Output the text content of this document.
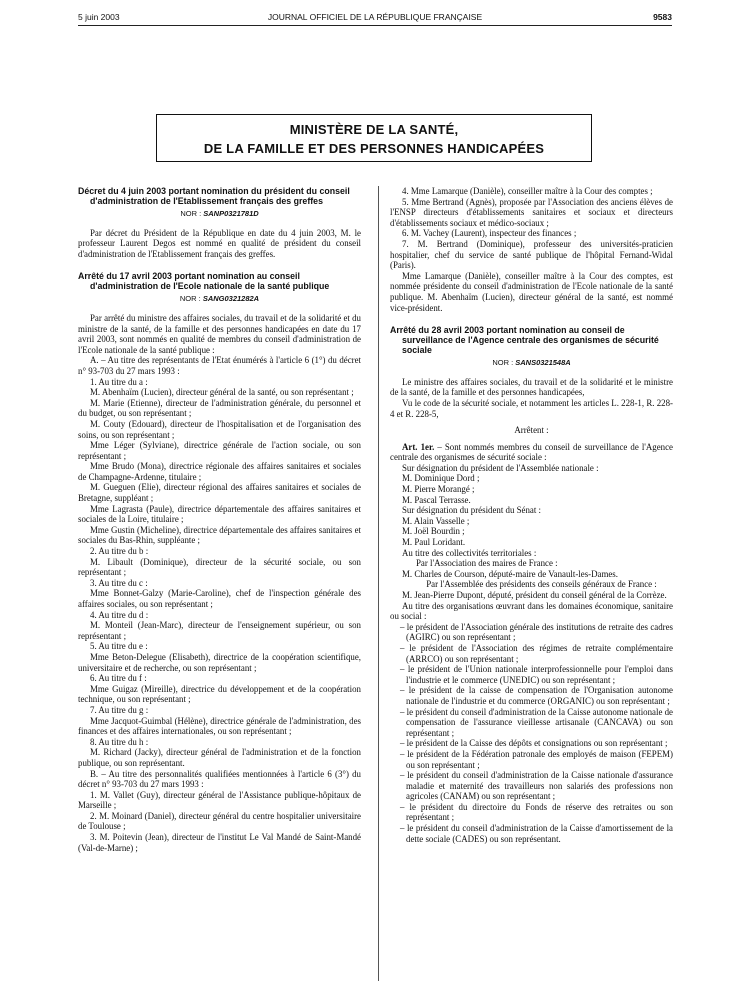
5 juin 2003	JOURNAL OFFICIEL DE LA RÉPUBLIQUE FRANÇAISE	9583
MINISTÈRE DE LA SANTÉ,
DE LA FAMILLE ET DES PERSONNES HANDICAPÉES

Décret du 4 juin 2003 portant nomination du président du conseil d'administration de l'Etablissement français des greffes

NOR : SANP0321781D

Par décret du Président de la République en date du 4 juin 2003, M. le professeur Laurent Degos est nommé en qualité de président du conseil d'administration de l'Etablissement français des greffes.

Arrêté du 17 avril 2003 portant nomination au conseil d'administration de l'Ecole nationale de la santé publique

NOR : SANG0321282A

Par arrêté du ministre des affaires sociales, du travail et de la solidarité et du ministre de la santé, de la famille et des personnes handicapées en date du 17 avril 2003, sont nommés en qualité de membres du conseil d'administration de l'Ecole nationale de la santé publique :

A. – Au titre des représentants de l'Etat énumérés à l'article 6 (1°) du décret n° 93-703 du 27 mars 1993 :

1. Au titre du a :

M. Abenhaïm (Lucien), directeur général de la santé, ou son représentant ;

M. Marie (Etienne), directeur de l'administration générale, du personnel et du budget, ou son représentant ;

M. Couty (Edouard), directeur de l'hospitalisation et de l'organisation des soins, ou son représentant ;

Mme Léger (Sylviane), directrice générale de l'action sociale, ou son représentant ;

Mme Brudo (Mona), directrice régionale des affaires sanitaires et sociales de Champagne-Ardenne, titulaire ;

M. Gueguen (Elie), directeur régional des affaires sanitaires et sociales de Bretagne, suppléant ;

Mme Lagrasta (Paule), directrice départementale des affaires sanitaires et sociales de la Loire, titulaire ;

Mme Gustin (Micheline), directrice départementale des affaires sanitaires et sociales du Bas-Rhin, suppléante ;

2. Au titre du b :

M. Libault (Dominique), directeur de la sécurité sociale, ou son représentant ;

3. Au titre du c :

Mme Bonnet-Galzy (Marie-Caroline), chef de l'inspection générale des affaires sociales, ou son représentant ;

4. Au titre du d :

M. Monteil (Jean-Marc), directeur de l'enseignement supérieur, ou son représentant ;

5. Au titre du e :

Mme Beton-Delegue (Elisabeth), directrice de la coopération scientifique, universitaire et de recherche, ou son représentant ;

6. Au titre du f :

Mme Guigaz (Mireille), directrice du développement et de la coopération technique, ou son représentant ;

7. Au titre du g :

Mme Jacquot-Guimbal (Hélène), directrice générale de l'administration, des finances et des affaires internationales, ou son représentant ;

8. Au titre du h :

M. Richard (Jacky), directeur général de l'administration et de la fonction publique, ou son représentant.

B. – Au titre des personnalités qualifiées mentionnées à l'article 6 (3°) du décret n° 93-703 du 27 mars 1993 :

1. M. Vallet (Guy), directeur général de l'Assistance publique-hôpitaux de Marseille ;

2. M. Moinard (Daniel), directeur général du centre hospitalier universitaire de Toulouse ;

3. M. Poitevin (Jean), directeur de l'institut Le Val Mandé de Saint-Mandé (Val-de-Marne) ;

4. Mme Lamarque (Danièle), conseiller maître à la Cour des comptes ;

5. Mme Bertrand (Agnès), proposée par l'Association des anciens élèves de l'ENSP directeurs d'établissements sanitaires et sociaux et directeurs d'établissements sociaux et médico-sociaux ;

6. M. Vachey (Laurent), inspecteur des finances ;

7. M. Bertrand (Dominique), professeur des universités-praticien hospitalier, chef du service de santé publique de l'hôpital Fernand-Widal (Paris).

Mme Lamarque (Danièle), conseiller maître à la Cour des comptes, est nommée présidente du conseil d'administration de l'Ecole nationale de la santé publique. M. Abenhaïm (Lucien), directeur général de la santé, est nommé vice-président.

Arrêté du 28 avril 2003 portant nomination au conseil de surveillance de l'Agence centrale des organismes de sécurité sociale

NOR : SANS0321548A

Le ministre des affaires sociales, du travail et de la solidarité et le ministre de la santé, de la famille et des personnes handicapées,

Vu le code de la sécurité sociale, et notamment les articles L. 228-1, R. 228-4 et R. 228-5,

Arrêtent :

Art. 1er. – Sont nommés membres du conseil de surveillance de l'Agence centrale des organismes de sécurité sociale :

Sur désignation du président de l'Assemblée nationale :

M. Dominique Dord ;

M. Pierre Morangé ;

M. Pascal Terrasse.

Sur désignation du président du Sénat :

M. Alain Vasselle ;

M. Joël Bourdin ;

M. Paul Loridant.

Au titre des collectivités territoriales :

Par l'Association des maires de France :

M. Charles de Courson, député-maire de Vanault-les-Dames.

Par l'Assemblée des présidents des conseils généraux de France :

M. Jean-Pierre Dupont, député, président du conseil général de la Corrèze.

Au titre des organisations œuvrant dans les domaines économique, sanitaire ou social :

– le président de l'Association générale des institutions de retraite des cadres (AGIRC) ou son représentant ;

– le président de l'Association des régimes de retraite complémentaire (ARRCO) ou son représentant ;

– le président de l'Union nationale interprofessionnelle pour l'emploi dans l'industrie et le commerce (UNEDIC) ou son représentant ;

– le président de la caisse de compensation de l'Organisation autonome nationale de l'industrie et du commerce (ORGANIC) ou son représentant ;

– le président du conseil d'administration de la Caisse autonome nationale de compensation de l'assurance vieillesse artisanale (CANCAVA) ou son représentant ;

– le président de la Caisse des dépôts et consignations ou son représentant ;

– le président de la Fédération patronale des employés de maison (FEPEM) ou son représentant ;

– le président du conseil d'administration de la Caisse nationale d'assurance maladie et maternité des travailleurs non salariés des professions non agricoles (CANAM) ou son représentant ;

– le président du directoire du Fonds de réserve des retraites ou son représentant ;

– le président du conseil d'administration de la Caisse d'amortissement de la dette sociale (CADES) ou son représentant.
